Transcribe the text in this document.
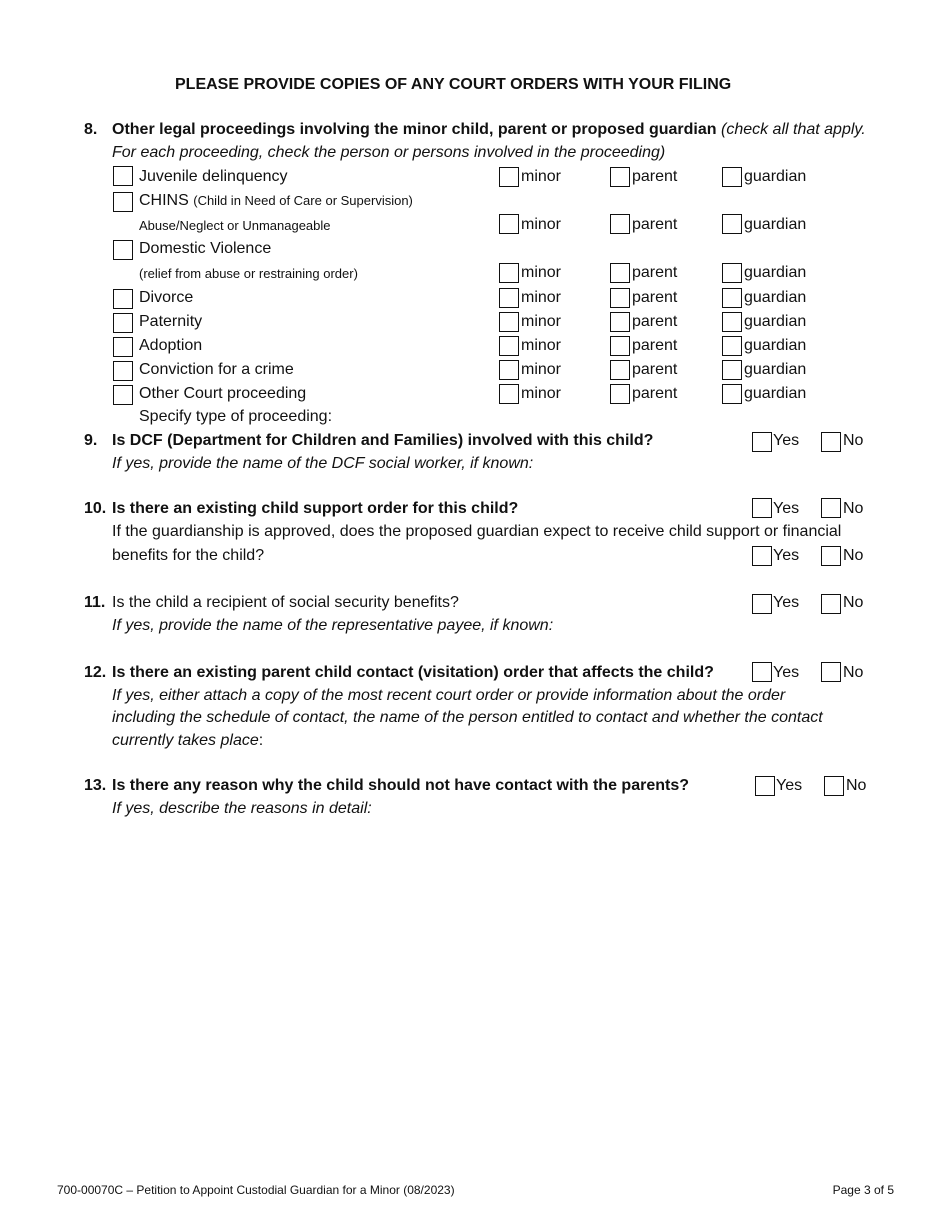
PLEASE PROVIDE COPIES OF ANY COURT ORDERS WITH YOUR FILING
8. Other legal proceedings involving the minor child, parent or proposed guardian (check all that apply.
For each proceeding, check the person or persons involved in the proceeding)
Juvenile delinquency	minor	parent	guardian
CHINS (Child in Need of Care or Supervision)
Abuse/Neglect or Unmanageable	minor	parent	guardian
Domestic Violence
(relief from abuse or restraining order)	minor	parent	guardian
Divorce	minor	parent	guardian
Paternity	minor	parent	guardian
Adoption	minor	parent	guardian
Conviction for a crime	minor	parent	guardian
Other Court proceeding	minor	parent	guardian
Specify type of proceeding:
9. Is DCF (Department for Children and Families) involved with this child?	Yes	No
If yes, provide the name of the DCF social worker, if known:
10. Is there an existing child support order for this child?	Yes	No
If the guardianship is approved, does the proposed guardian expect to receive child support or financial
benefits for the child?	Yes	No
11. Is the child a recipient of social security benefits?	Yes	No
If yes, provide the name of the representative payee, if known:
12. Is there an existing parent child contact (visitation) order that affects the child?	Yes	No
If yes, either attach a copy of the most recent court order or provide information about the order
including the schedule of contact, the name of the person entitled to contact and whether the contact
currently takes place:
13. Is there any reason why the child should not have contact with the parents?	Yes	No
If yes, describe the reasons in detail:
700-00070C – Petition to Appoint Custodial Guardian for a Minor (08/2023)	Page 3 of 5
